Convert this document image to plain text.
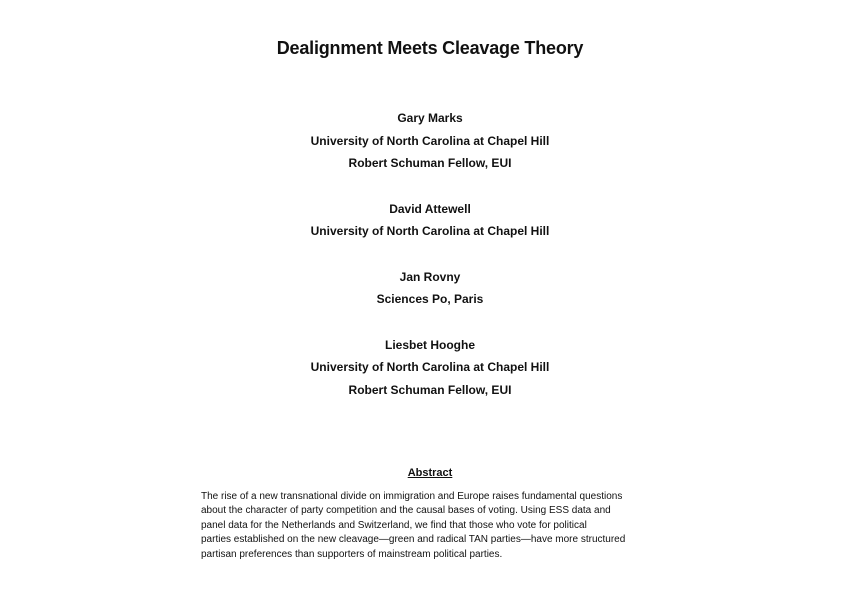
Dealignment Meets Cleavage Theory
Gary Marks
University of North Carolina at Chapel Hill
Robert Schuman Fellow, EUI
David Attewell
University of North Carolina at Chapel Hill
Jan Rovny
Sciences Po, Paris
Liesbet Hooghe
University of North Carolina at Chapel Hill
Robert Schuman Fellow, EUI
Abstract
The rise of a new transnational divide on immigration and Europe raises fundamental questions
about the character of party competition and the causal bases of voting. Using ESS data and
panel data for the Netherlands and Switzerland, we find that those who vote for political
parties established on the new cleavage—green and radical TAN parties—have more structured
partisan preferences than supporters of mainstream political parties.
